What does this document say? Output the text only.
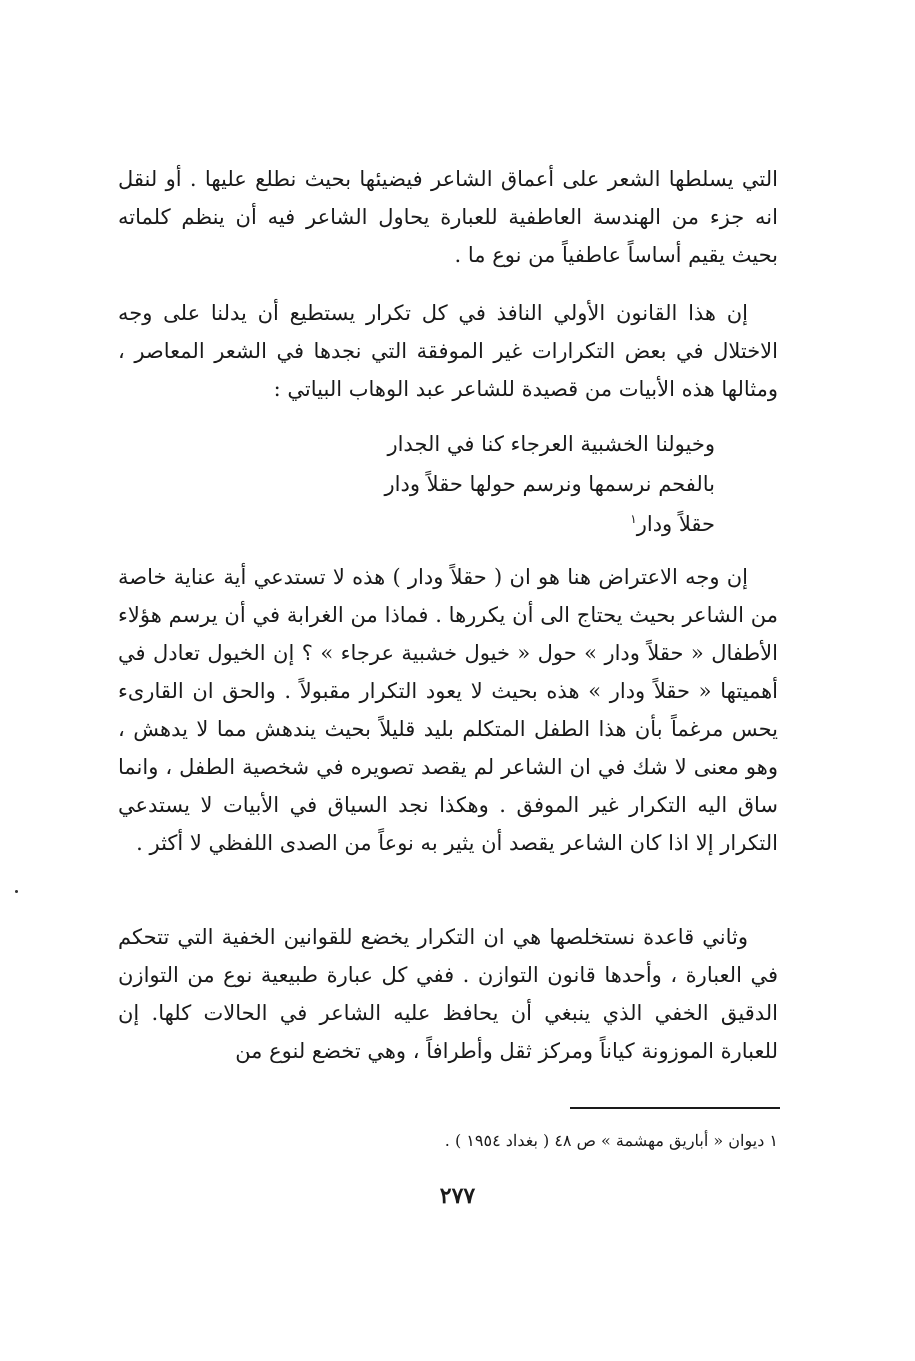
التي يسلطها الشعر على أعماق الشاعر فيضيئها بحيث نطلع عليها . أو لنقل انه جزء من الهندسة العاطفية للعبارة يحاول الشاعر فيه أن ينظم كلماته بحيث يقيم أساساً عاطفياً من نوع ما .

إن هذا القانون الأولي النافذ في كل تكرار يستطيع أن يدلنا على وجه الاختلال في بعض التكرارات غير الموفقة التي نجدها في الشعر المعاصر ، ومثالها هذه الأبيات من قصيدة للشاعر عبد الوهاب البياتي :

وخيولنا الخشبية العرجاء كنا في الجدار
بالفحم نرسمها ونرسم حولها حقلاً ودار
حقلاً ودار$^١$

إن وجه الاعتراض هنا هو ان ( حقلاً ودار ) هذه لا تستدعي أية عناية خاصة من الشاعر بحيث يحتاج الى أن يكررها . فماذا من الغرابة في أن يرسم هؤلاء الأطفال « حقلاً ودار » حول « خيول خشبية عرجاء » ؟ إن الخيول تعادل في أهميتها « حقلاً ودار » هذه بحيث لا يعود التكرار مقبولاً . والحق ان القارىء يحس مرغماً بأن هذا الطفل المتكلم بليد قليلاً بحيث يندهش مما لا يدهش ، وهو معنى لا شك في ان الشاعر لم يقصد تصويره في شخصية الطفل ، وانما ساق اليه التكرار غير الموفق . وهكذا نجد السياق في الأبيات لا يستدعي التكرار إلا اذا كان الشاعر يقصد أن يثير به نوعاً من الصدى اللفظي لا أكثر .

وثاني قاعدة نستخلصها هي ان التكرار يخضع للقوانين الخفية التي تتحكم في العبارة ، وأحدها قانون التوازن . ففي كل عبارة طبيعية نوع من التوازن الدقيق الخفي الذي ينبغي أن يحافظ عليه الشاعر في الحالات كلها. إن للعبارة الموزونة كياناً ومركز ثقل وأطرافاً ، وهي تخضع لنوع من

١ ديوان « أباريق مهشمة » ص ٤٨ ( بغداد ١٩٥٤ ) .
٢٧٧
